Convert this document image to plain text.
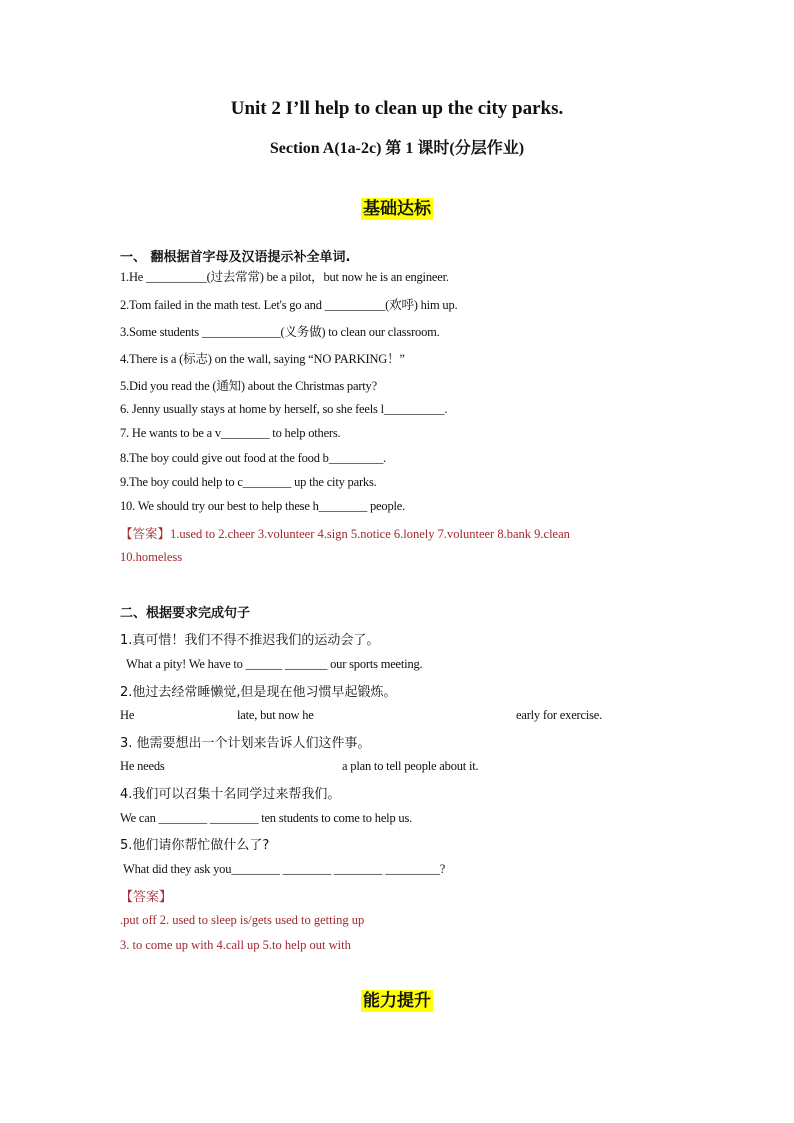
Unit 2 I’ll help to clean up the city parks.
Section A(1a-2c) 第 1 课时(分层作业)
基础达标
一、 翻根据首字母及汉语提示补全单词.
1.He __________(过去常常) be a pilot，but now he is an engineer.
2.Tom failed in the math test. Let's go and __________(欢呼) him up.
3.Some students _____________(义务做) to clean our classroom.
4.There is a (标志) on the wall, saying “NO PARKING！”
5.Did you read the (通知) about the Christmas party?
6. Jenny usually stays at home by herself, so she feels l__________.
7. He wants to be a v________ to help others.
8.The boy could give out food at the food b_________.
9.The boy could help to c________ up the city parks.
10. We should try our best to help these h________ people.
【答案】1.used to 2.cheer 3.volunteer 4.sign 5.notice 6.lonely 7.volunteer 8.bank 9.clean
10.homeless
二、根据要求完成句子
1.真可惜！我们不得不推迟我们的运动会了。
What a pity! We have to ______ _______ our sports meeting.
2.他过去经常睡懒觉,但是现在他习惯早起锻炼。
He	late, but now he	early for exercise.
3. 他需要想出一个计划来告诉人们这件事。
He needs	a plan to tell people about it.
4.我们可以召集十名同学过来帮我们。
We can ________ ________ ten students to come to help us.
5.他们请你帮忙做什么了?
What did they ask you________ ________ ________ _________?
【答案】
.put off 2. used to sleep is/gets used to getting up
3. to come up with 4.call up 5.to help out with
能力提升
